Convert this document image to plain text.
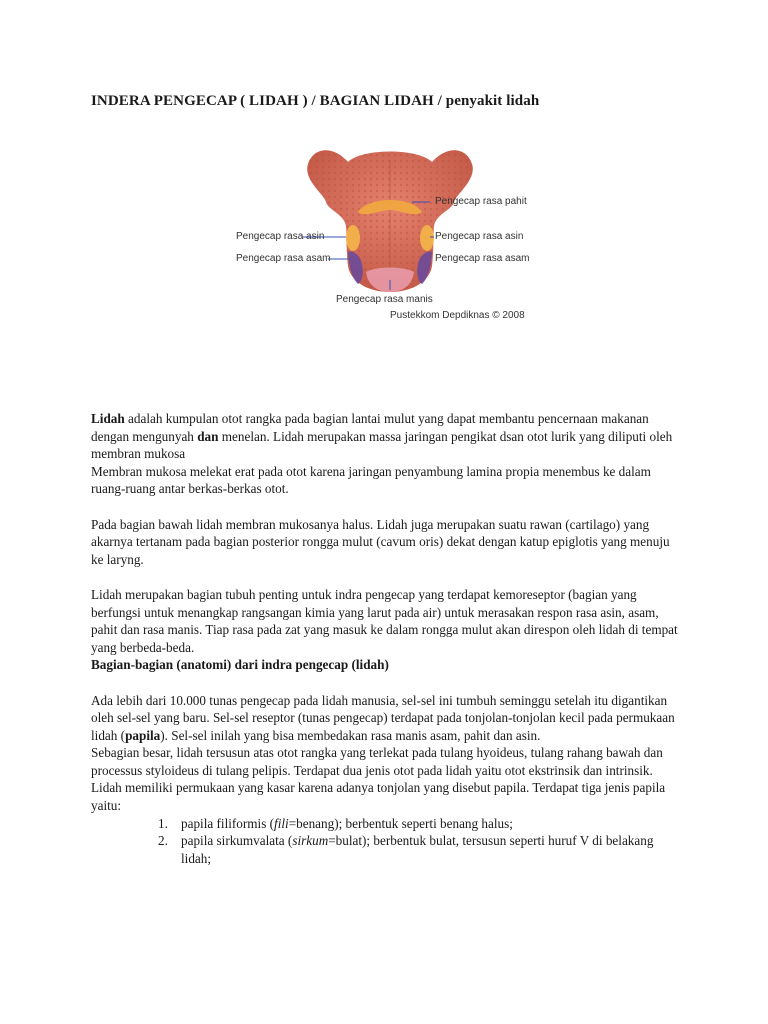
INDERA PENGECAP ( LIDAH ) / BAGIAN LIDAH / penyakit lidah
Pengecap rasa pahit
Pengecap rasa asin	Pengecap rasa asin
Pengecap rasa asam	Pengecap rasa asam
Pengecap rasa manis
Pustekkom Depdiknas © 2008

Lidah adalah kumpulan otot rangka pada bagian lantai mulut yang dapat membantu pencernaan makanan dengan mengunyah dan menelan. Lidah merupakan massa jaringan pengikat dsan otot lurik yang diliputi oleh membran mukosa

Membran mukosa melekat erat pada otot karena jaringan penyambung lamina propia menembus ke dalam ruang-ruang antar berkas-berkas otot.

Pada bagian bawah lidah membran mukosanya halus. Lidah juga merupakan suatu rawan (cartilago) yang akarnya tertanam pada bagian posterior rongga mulut (cavum oris) dekat dengan katup epiglotis yang menuju ke laryng.

Lidah merupakan bagian tubuh penting untuk indra pengecap yang terdapat kemoreseptor (bagian yang berfungsi untuk menangkap rangsangan kimia yang larut pada air) untuk merasakan respon rasa asin, asam, pahit dan rasa manis. Tiap rasa pada zat yang masuk ke dalam rongga mulut akan direspon oleh lidah di tempat yang berbeda-beda.

Bagian-bagian (anatomi) dari indra pengecap (lidah)

Ada lebih dari 10.000 tunas pengecap pada lidah manusia, sel-sel ini tumbuh seminggu setelah itu digantikan oleh sel-sel yang baru. Sel-sel reseptor (tunas pengecap) terdapat pada tonjolan-tonjolan kecil pada permukaan lidah (papila). Sel-sel inilah yang bisa membedakan rasa manis asam, pahit dan asin.

Sebagian besar, lidah tersusun atas otot rangka yang terlekat pada tulang hyoideus, tulang rahang bawah dan processus styloideus di tulang pelipis. Terdapat dua jenis otot pada lidah yaitu otot ekstrinsik dan intrinsik.

Lidah memiliki permukaan yang kasar karena adanya tonjolan yang disebut papila. Terdapat tiga jenis papila yaitu:

1. papila filiformis (fili=benang); berbentuk seperti benang halus;
2. papila sirkumvalata (sirkum=bulat); berbentuk bulat, tersusun seperti huruf V di belakang lidah;
